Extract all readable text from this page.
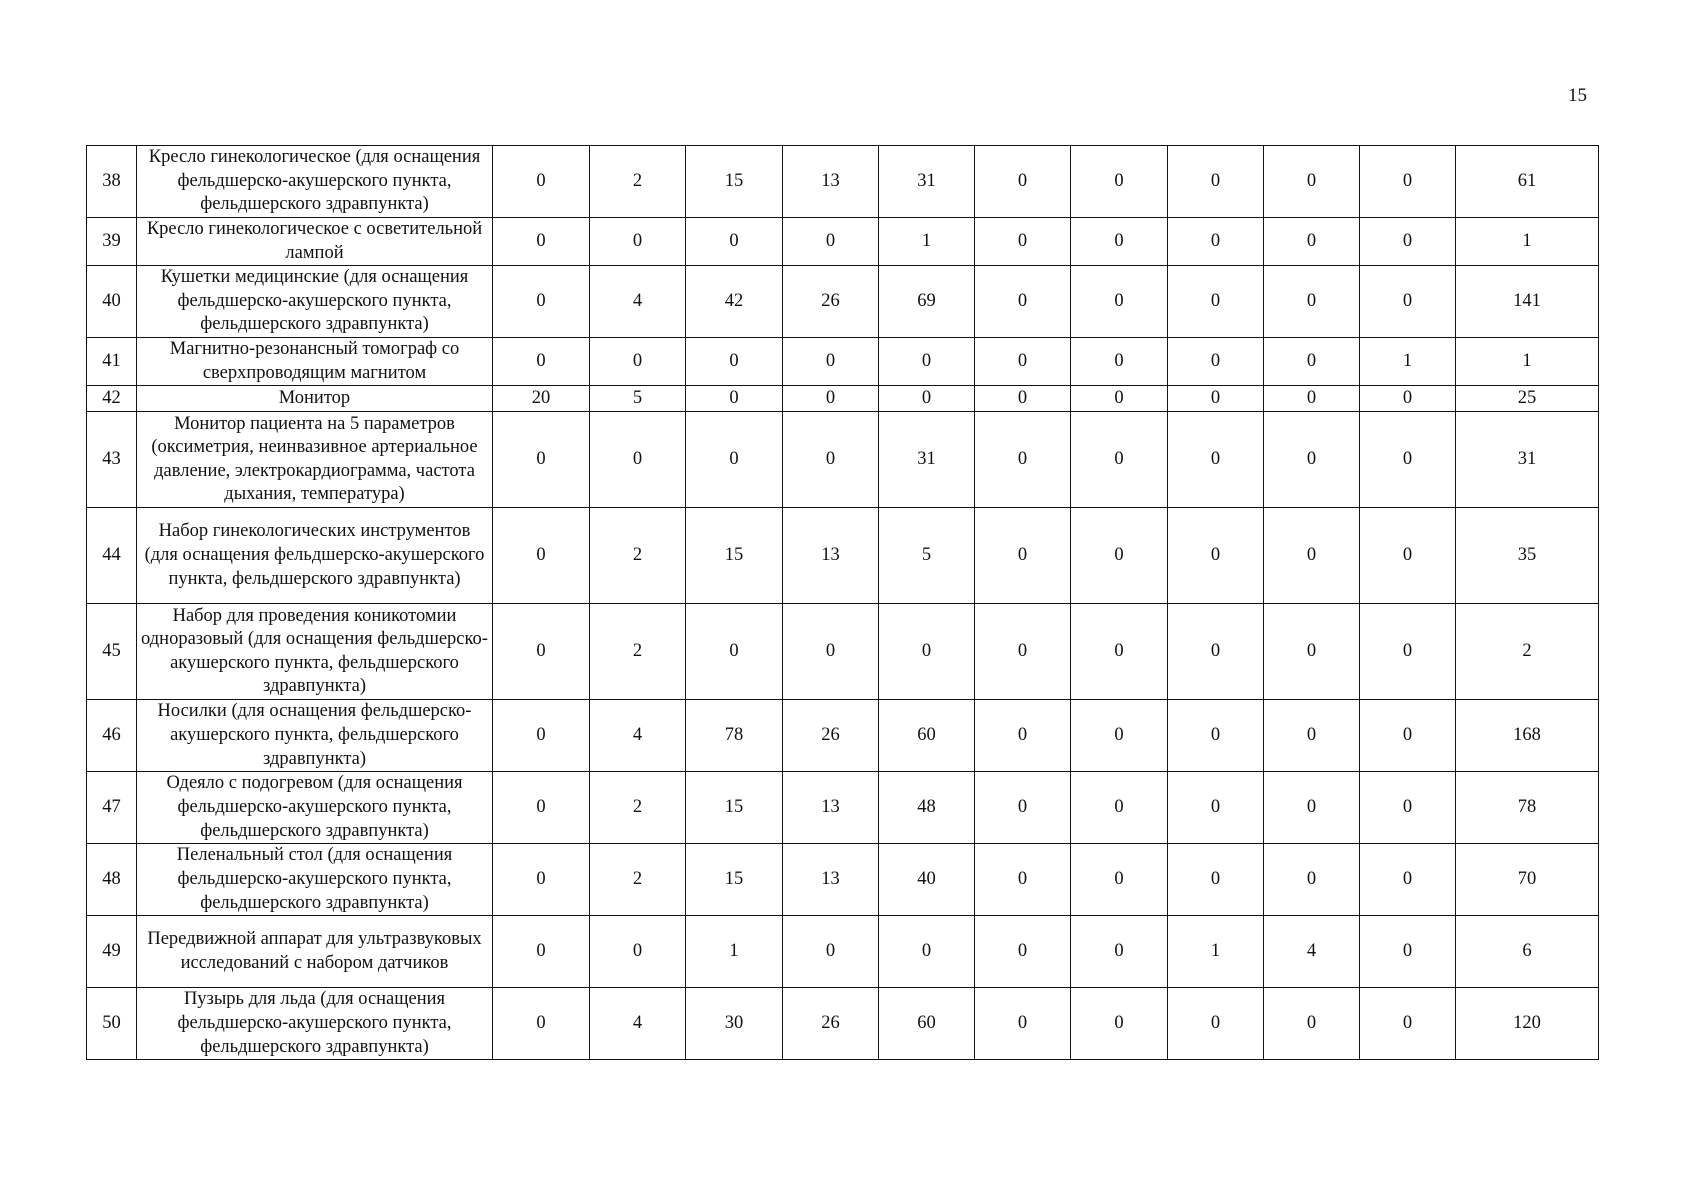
15
38	Кресло гинекологическое (для оснащения фельдшерско-акушерского пункта, фельдшерского здравпункта)	0	2	15	13	31	0	0	0	0	0	61
39	Кресло гинекологическое с осветительной лампой	0	0	0	0	1	0	0	0	0	0	1
40	Кушетки медицинские (для оснащения фельдшерско-акушерского пункта, фельдшерского здравпункта)	0	4	42	26	69	0	0	0	0	0	141
41	Магнитно-резонансный томограф со сверхпроводящим магнитом	0	0	0	0	0	0	0	0	0	1	1
42	Монитор	20	5	0	0	0	0	0	0	0	0	25
43	Монитор пациента на 5 параметров (оксиметрия, неинвазивное артериальное давление, электрокардиограмма, частота дыхания, температура)	0	0	0	0	31	0	0	0	0	0	31
44	Набор гинекологических инструментов (для оснащения фельдшерско-акушерского пункта, фельдшерского здравпункта)	0	2	15	13	5	0	0	0	0	0	35
45	Набор для проведения коникотомии одноразовый (для оснащения фельдшерско-акушерского пункта, фельдшерского здравпункта)	0	2	0	0	0	0	0	0	0	0	2
46	Носилки (для оснащения фельдшерско-акушерского пункта, фельдшерского здравпункта)	0	4	78	26	60	0	0	0	0	0	168
47	Одеяло с подогревом (для оснащения фельдшерско-акушерского пункта, фельдшерского здравпункта)	0	2	15	13	48	0	0	0	0	0	78
48	Пеленальный стол (для оснащения фельдшерско-акушерского пункта, фельдшерского здравпункта)	0	2	15	13	40	0	0	0	0	0	70
49	Передвижной аппарат для ультразвуковых исследований с набором датчиков	0	0	1	0	0	0	0	1	4	0	6
50	Пузырь для льда (для оснащения фельдшерско-акушерского пункта, фельдшерского здравпункта)	0	4	30	26	60	0	0	0	0	0	120
